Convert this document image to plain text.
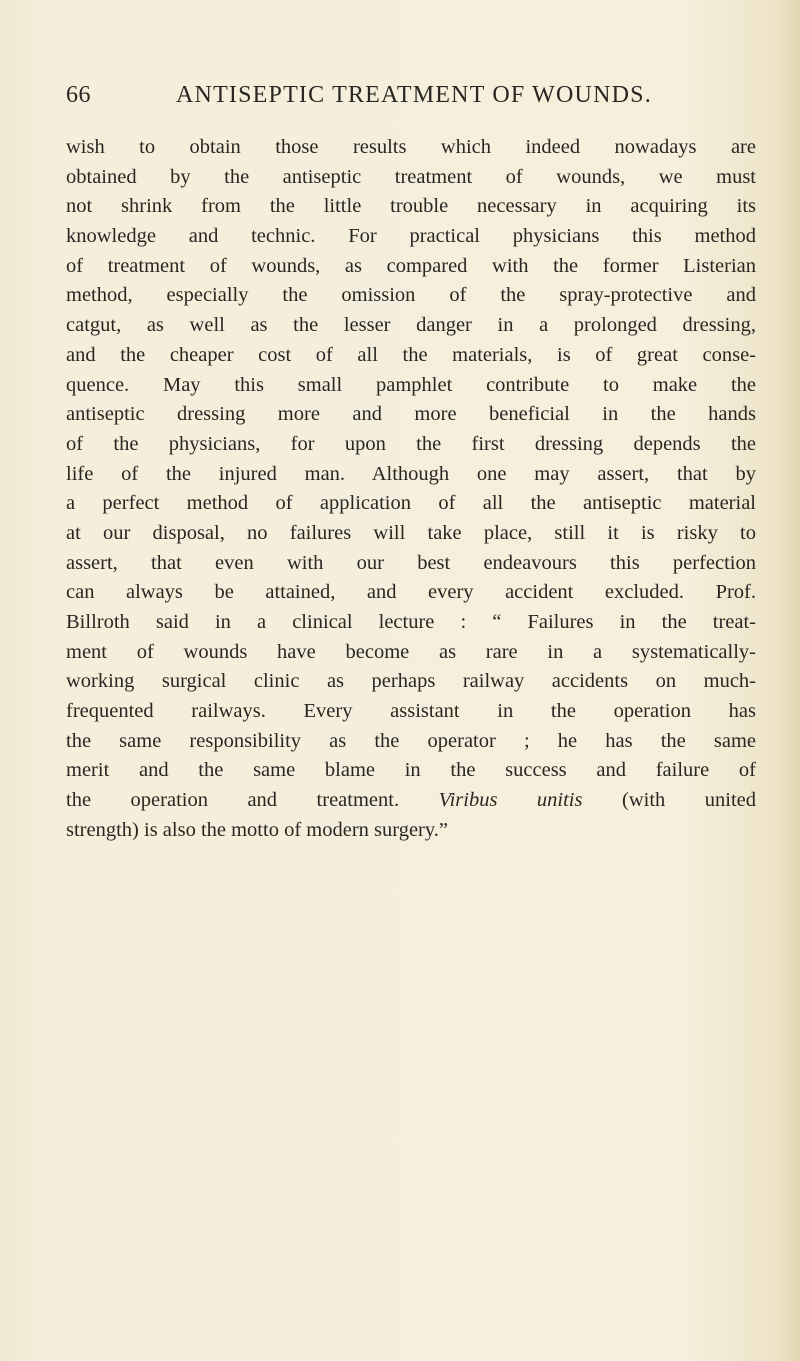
66	ANTISEPTIC TREATMENT OF WOUNDS.
wish to obtain those results which indeed nowadays are
obtained by the antiseptic treatment of wounds, we must
not shrink from the little trouble necessary in acquiring its
knowledge and technic. For practical physicians this method
of treatment of wounds, as compared with the former Listerian
method, especially the omission of the spray-protective and
catgut, as well as the lesser danger in a prolonged dressing,
and the cheaper cost of all the materials, is of great conse-
quence. May this small pamphlet contribute to make the
antiseptic dressing more and more beneficial in the hands
of the physicians, for upon the first dressing depends the
life of the injured man. Although one may assert, that by
a perfect method of application of all the antiseptic material
at our disposal, no failures will take place, still it is risky to
assert, that even with our best endeavours this perfection
can always be attained, and every accident excluded. Prof.
Billroth said in a clinical lecture : “ Failures in the treat-
ment of wounds have become as rare in a systematically-
working surgical clinic as perhaps railway accidents on much-
frequented railways. Every assistant in the operation has
the same responsibility as the operator ; he has the same
merit and the same blame in the success and failure of
the operation and treatment. Viribus unitis (with united
strength) is also the motto of modern surgery.”
